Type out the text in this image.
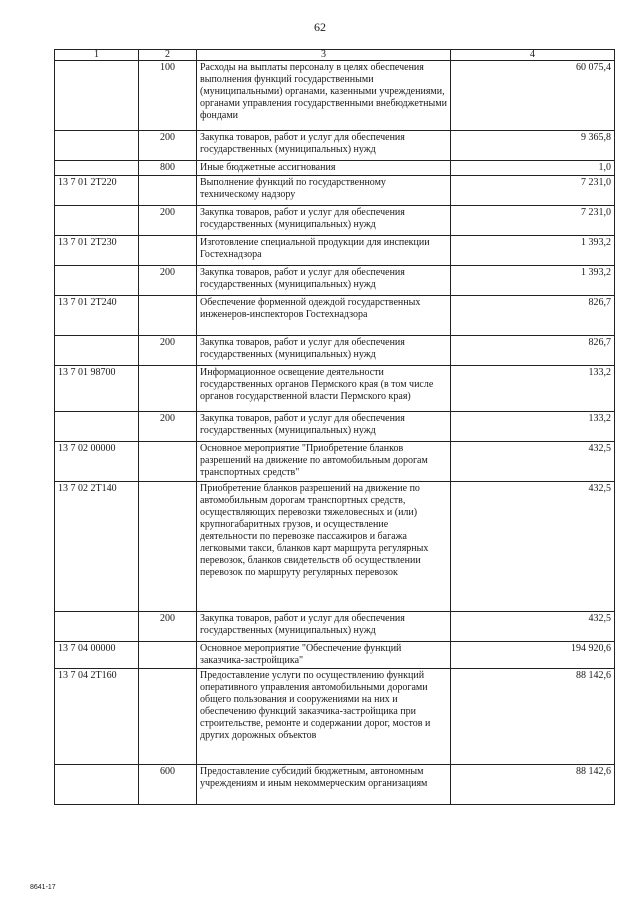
62
1	2	3	4
	100	Расходы на выплаты персоналу в целях обеспечения выполнения функций государственными (муниципальными) органами, казенными учреждениями, органами управления государственными внебюджетными фондами	60 075,4
	200	Закупка товаров, работ и услуг для обеспечения государственных (муниципальных) нужд	9 365,8
	800	Иные бюджетные ассигнования	1,0
13 7 01 2Т220		Выполнение функций по государственному техническому надзору	7 231,0
	200	Закупка товаров, работ и услуг для обеспечения государственных (муниципальных) нужд	7 231,0
13 7 01 2Т230		Изготовление специальной продукции для инспекции Гостехнадзора	1 393,2
	200	Закупка товаров, работ и услуг для обеспечения государственных (муниципальных) нужд	1 393,2
13 7 01 2Т240		Обеспечение форменной одеждой государственных инженеров-инспекторов Гостехнадзора	826,7
	200	Закупка товаров, работ и услуг для обеспечения государственных (муниципальных) нужд	826,7
13 7 01 98700		Информационное освещение деятельности государственных органов Пермского края (в том числе органов государственной власти Пермского края)	133,2
	200	Закупка товаров, работ и услуг для обеспечения государственных (муниципальных) нужд	133,2
13 7 02 00000		Основное мероприятие "Приобретение бланков разрешений на движение по автомобильным дорогам транспортных средств"	432,5
13 7 02 2Т140		Приобретение бланков разрешений на движение по автомобильным дорогам транспортных средств, осуществляющих перевозки тяжеловесных и (или) крупногабаритных грузов, и осуществление деятельности по перевозке пассажиров и багажа легковыми такси, бланков карт маршрута регулярных перевозок, бланков свидетельств об осуществлении перевозок по маршруту регулярных перевозок	432,5
	200	Закупка товаров, работ и услуг для обеспечения государственных (муниципальных) нужд	432,5
13 7 04 00000		Основное мероприятие "Обеспечение функций заказчика-застройщика"	194 920,6
13 7 04 2Т160		Предоставление услуги по осуществлению функций оперативного управления автомобильными дорогами общего пользования и сооружениями на них и обеспечению функций заказчика-застройщика при строительстве, ремонте и содержании дорог, мостов и других дорожных объектов	88 142,6
	600	Предоставление субсидий бюджетным, автономным учреждениям и иным некоммерческим организациям	88 142,6
8641-17
